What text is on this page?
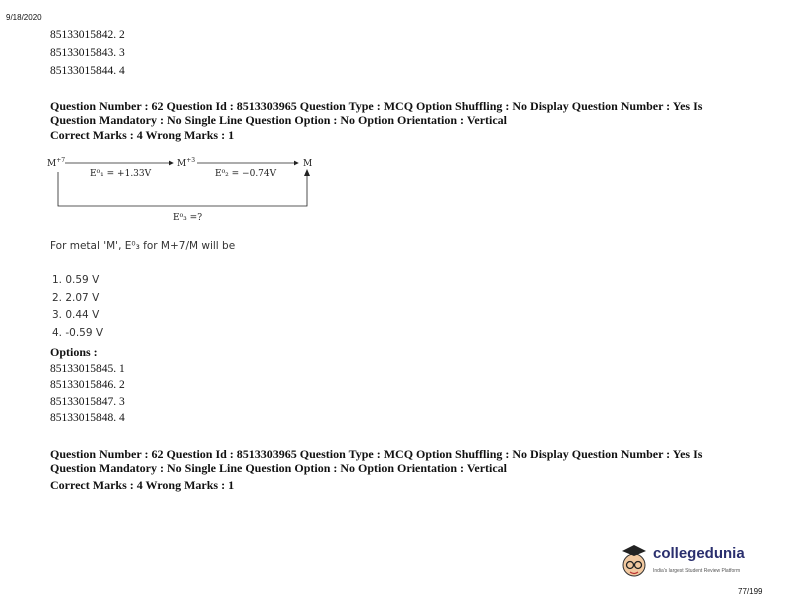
9/18/2020

85133015842. 2

85133015843. 3

85133015844. 4

Question Number : 62 Question Id : 8513303965 Question Type : MCQ Option Shuffling : No Display Question Number : Yes Is
Question Mandatory : No Single Line Question Option : No Option Orientation : Vertical
Correct Marks : 4 Wrong Marks : 1
$M^{+7}$	$M^{+3}$	M
E⁰₁ = +1.33V	E⁰₂ = −0.74V
E⁰₃ =?
For metal 'M', E⁰₃ for M+7/M will be
1. 0.59 V
2. 2.07 V
3. 0.44 V
4. -0.59 V
Options :

85133015845. 1

85133015846. 2

85133015847. 3

85133015848. 4

Question Number : 62 Question Id : 8513303965 Question Type : MCQ Option Shuffling : No Display Question Number : Yes Is
Question Mandatory : No Single Line Question Option : No Option Orientation : Vertical
Correct Marks : 4 Wrong Marks : 1
collegedunia
India's largest Student Review Platform
77/199
